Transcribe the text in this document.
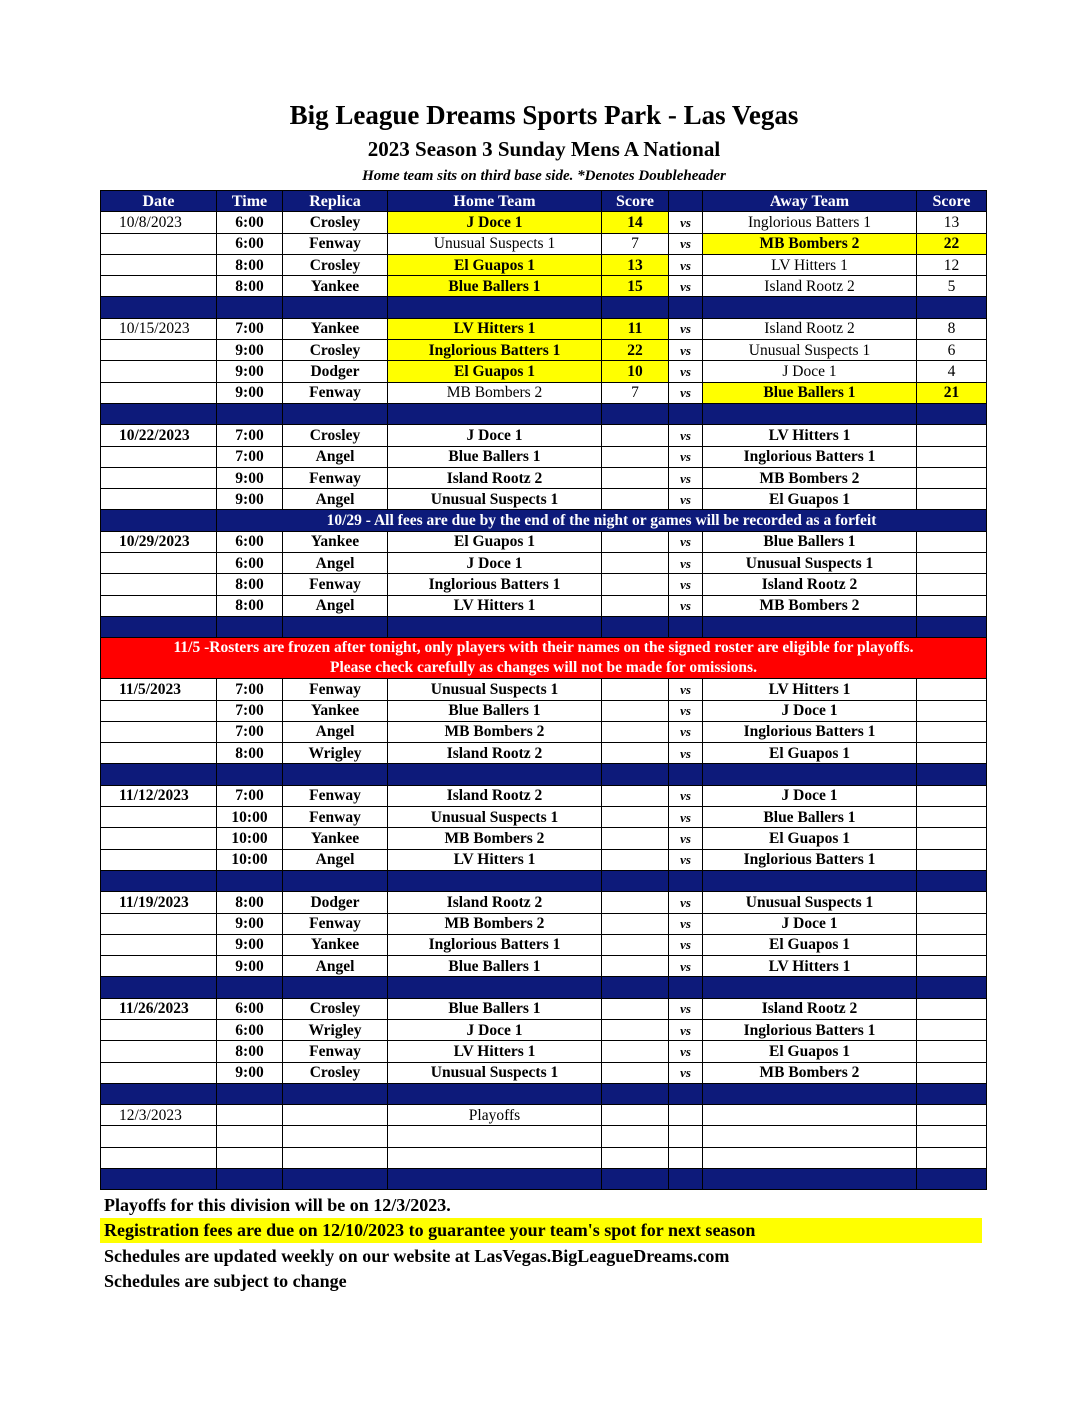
Big League Dreams Sports Park - Las Vegas
2023 Season 3 Sunday Mens A National
Home team sits on third base side. *Denotes Doubleheader
Date	Time	Replica	Home Team	Score		Away Team	Score
10/8/2023	6:00	Crosley	J Doce 1	14	vs	Inglorious Batters 1	13
	6:00	Fenway	Unusual Suspects 1	7	vs	MB Bombers 2	22
	8:00	Crosley	El Guapos 1	13	vs	LV Hitters 1	12
	8:00	Yankee	Blue Ballers 1	15	vs	Island Rootz 2	5

10/15/2023	7:00	Yankee	LV Hitters 1	11	vs	Island Rootz 2	8
	9:00	Crosley	Inglorious Batters 1	22	vs	Unusual Suspects 1	6
	9:00	Dodger	El Guapos 1	10	vs	J Doce 1	4
	9:00	Fenway	MB Bombers 2	7	vs	Blue Ballers 1	21

10/22/2023	7:00	Crosley	J Doce 1		vs	LV Hitters 1	
	7:00	Angel	Blue Ballers 1		vs	Inglorious Batters 1	
	9:00	Fenway	Island Rootz 2		vs	MB Bombers 2	
	9:00	Angel	Unusual Suspects 1		vs	El Guapos 1	
	10/29 - All fees are due by the end of the night or games will be recorded as a forfeit						
10/29/2023	6:00	Yankee	El Guapos 1		vs	Blue Ballers 1	
	6:00	Angel	J Doce 1		vs	Unusual Suspects 1	
	8:00	Fenway	Inglorious Batters 1		vs	Island Rootz 2	
	8:00	Angel	LV Hitters 1		vs	MB Bombers 2	

11/5 -Rosters are frozen after tonight, only players with their names on the signed roster are eligible for playoffs.
Please check carefully as changes will not be made for omissions.							

11/5/2023	7:00	Fenway	Unusual Suspects 1		vs	LV Hitters 1	
	7:00	Yankee	Blue Ballers 1		vs	J Doce 1	
	7:00	Angel	MB Bombers 2		vs	Inglorious Batters 1	
	8:00	Wrigley	Island Rootz 2		vs	El Guapos 1	

11/12/2023	7:00	Fenway	Island Rootz 2		vs	J Doce 1	
	10:00	Fenway	Unusual Suspects 1		vs	Blue Ballers 1	
	10:00	Yankee	MB Bombers 2		vs	El Guapos 1	
	10:00	Angel	LV Hitters 1		vs	Inglorious Batters 1	

11/19/2023	8:00	Dodger	Island Rootz 2		vs	Unusual Suspects 1	
	9:00	Fenway	MB Bombers 2		vs	J Doce 1	
	9:00	Yankee	Inglorious Batters 1		vs	El Guapos 1	
	9:00	Angel	Blue Ballers 1		vs	LV Hitters 1	

11/26/2023	6:00	Crosley	Blue Ballers 1		vs	Island Rootz 2	
	6:00	Wrigley	J Doce 1		vs	Inglorious Batters 1	
	8:00	Fenway	LV Hitters 1		vs	El Guapos 1	
	9:00	Crosley	Unusual Suspects 1		vs	MB Bombers 2	

12/3/2023			Playoffs				

Playoffs for this division will be on 12/3/2023.
Registration fees are due on 12/10/2023 to guarantee your team's spot for next season
Schedules are updated weekly on our website at LasVegas.BigLeagueDreams.com
Schedules are subject to change
